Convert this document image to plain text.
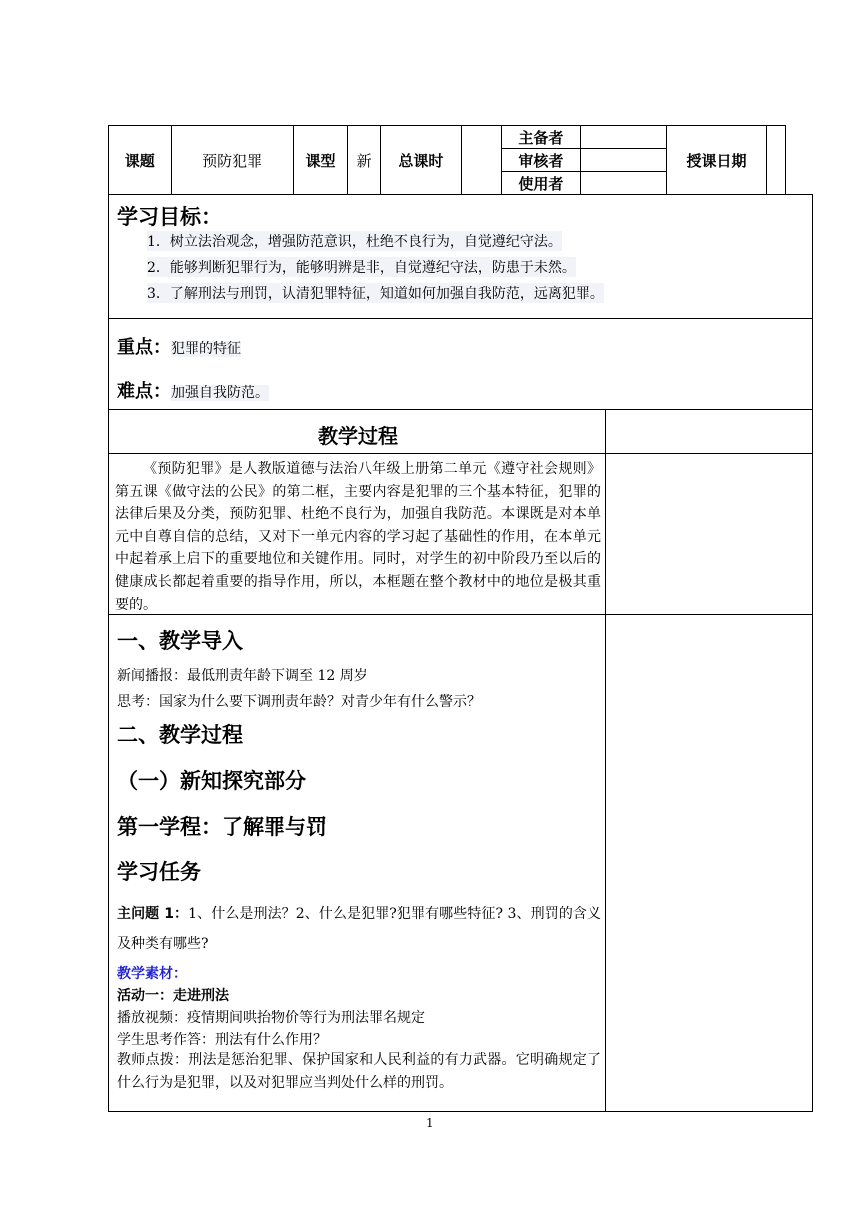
课题	预防犯罪	课型	新	总课时		主备者		授课日期	
						审核者			
						使用者			
学习目标：
1．树立法治观念，增强防范意识，杜绝不良行为，自觉遵纪守法。
2．能够判断犯罪行为，能够明辨是非，自觉遵纪守法，防患于未然。
3．了解刑法与刑罚，认清犯罪特征，知道如何加强自我防范，远离犯罪。
重点：犯罪的特征
难点：加强自我防范。
教学过程
《预防犯罪》是人教版道德与法治八年级上册第二单元《遵守社会规则》第五课《做守法的公民》的第二框，主要内容是犯罪的三个基本特征，犯罪的法律后果及分类，预防犯罪、杜绝不良行为，加强自我防范。本课既是对本单元中自尊自信的总结，又对下一单元内容的学习起了基础性的作用，在本单元中起着承上启下的重要地位和关键作用。同时，对学生的初中阶段乃至以后的健康成长都起着重要的指导作用，所以，本框题在整个教材中的地位是极其重要的。
一、教学导入
新闻播报：最低刑责年龄下调至 12 周岁
思考：国家为什么要下调刑责年龄？对青少年有什么警示？
二、教学过程
（一）新知探究部分
第一学程：了解罪与罚
学习任务
主问题 1：1、什么是刑法？2、什么是犯罪?犯罪有哪些特征? 3、刑罚的含义及种类有哪些?
教学素材：
活动一：走进刑法
播放视频：疫情期间哄抬物价等行为刑法罪名规定
学生思考作答：刑法有什么作用？
教师点拨：刑法是惩治犯罪、保护国家和人民利益的有力武器。它明确规定了什么行为是犯罪，以及对犯罪应当判处什么样的刑罚。
1
